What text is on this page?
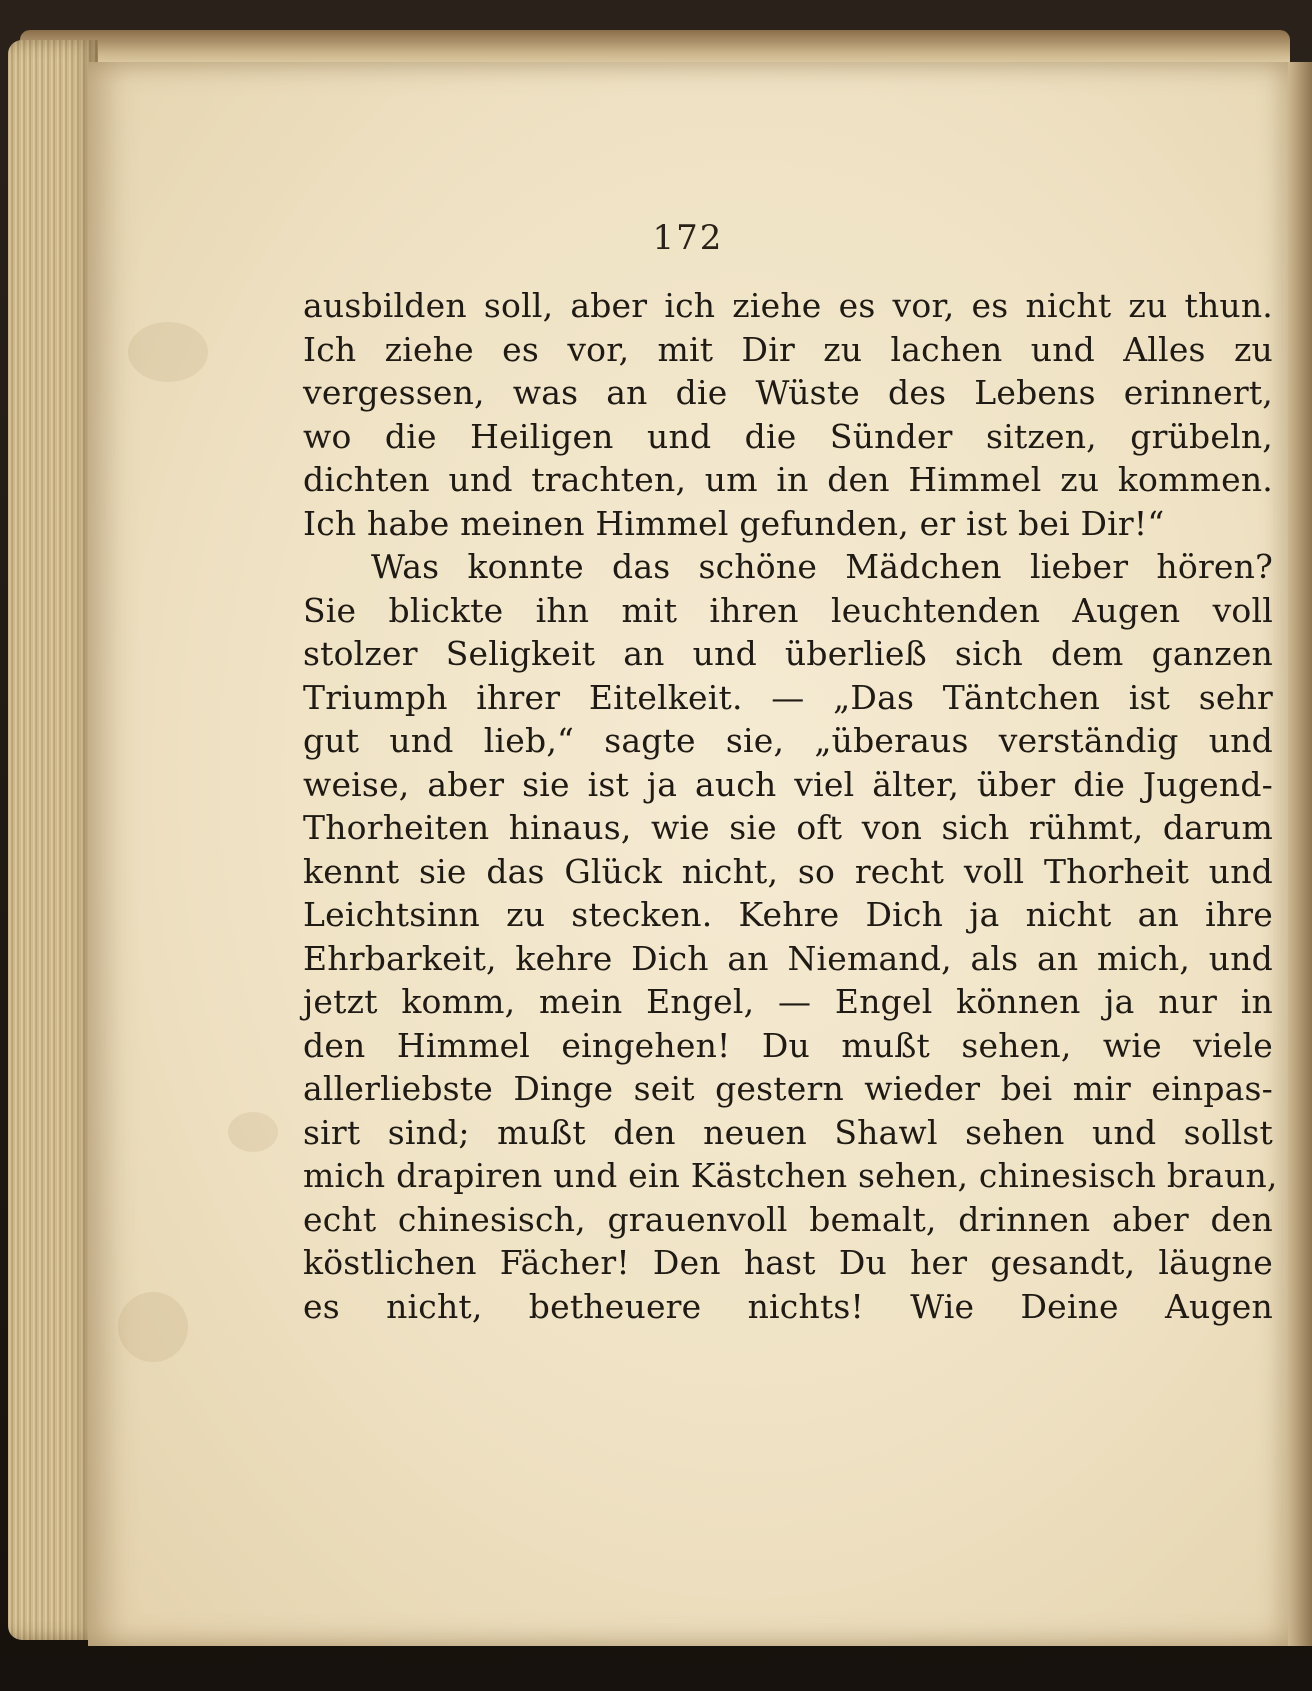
172
ausbilden soll, aber ich ziehe es vor, es nicht zu thun.
Ich ziehe es vor, mit Dir zu lachen und Alles zu
vergessen, was an die Wüste des Lebens erinnert,
wo die Heiligen und die Sünder sitzen, grübeln,
dichten und trachten, um in den Himmel zu kommen.
Ich habe meinen Himmel gefunden, er ist bei Dir!“
Was konnte das schöne Mädchen lieber hören?
Sie blickte ihn mit ihren leuchtenden Augen voll
stolzer Seligkeit an und überließ sich dem ganzen
Triumph ihrer Eitelkeit. — „Das Täntchen ist sehr
gut und lieb,“ sagte sie, „überaus verständig und
weise, aber sie ist ja auch viel älter, über die Jugend-
Thorheiten hinaus, wie sie oft von sich rühmt, darum
kennt sie das Glück nicht, so recht voll Thorheit und
Leichtsinn zu stecken. Kehre Dich ja nicht an ihre
Ehrbarkeit, kehre Dich an Niemand, als an mich, und
jetzt komm, mein Engel, — Engel können ja nur in
den Himmel eingehen! Du mußt sehen, wie viele
allerliebste Dinge seit gestern wieder bei mir einpas-
sirt sind; mußt den neuen Shawl sehen und sollst
mich drapiren und ein Kästchen sehen, chinesisch braun,
echt chinesisch, grauenvoll bemalt, drinnen aber den
köstlichen Fächer! Den hast Du her gesandt, läugne
es nicht, betheuere nichts! Wie Deine Augen
